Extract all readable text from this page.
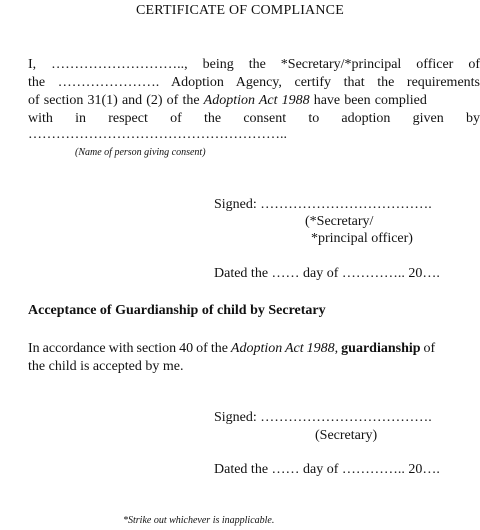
CERTIFICATE OF COMPLIANCE
I, ……………………….., being the *Secretary/*principal officer of
the …………………. Adoption Agency, certify that the requirements
of section 31(1) and (2) of the Adoption Act 1988 have been complied
with in respect of the consent to adoption given by
………………………………………………..
(Name of person giving consent)
Signed: ……………………………….
(*Secretary/
*principal officer)
Dated the …… day of ………….. 20….
Acceptance of Guardianship of child by Secretary
In accordance with section 40 of the Adoption Act 1988, guardianship of
the child is accepted by me.
Signed: ……………………………….
(Secretary)
Dated the …… day of ………….. 20….
*Strike out whichever is inapplicable.
